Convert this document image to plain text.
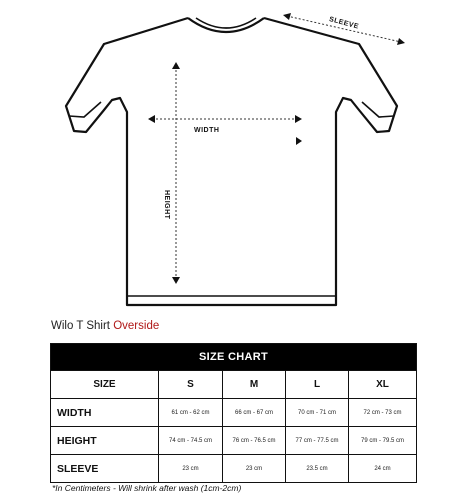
WIDTH
HEIGHT
SLEEVE
Wilo T Shirt Overside
SIZE CHART				
SIZE	S	M	L	XL
WIDTH	61 cm - 62 cm	66 cm - 67 cm	70 cm - 71 cm	72 cm - 73 cm
HEIGHT	74 cm - 74.5 cm	76 cm - 76.5 cm	77 cm - 77.5 cm	79 cm - 79.5 cm
SLEEVE	23 cm	23 cm	23.5 cm	24 cm
*In Centimeters - Will shrink after wash (1cm-2cm)
